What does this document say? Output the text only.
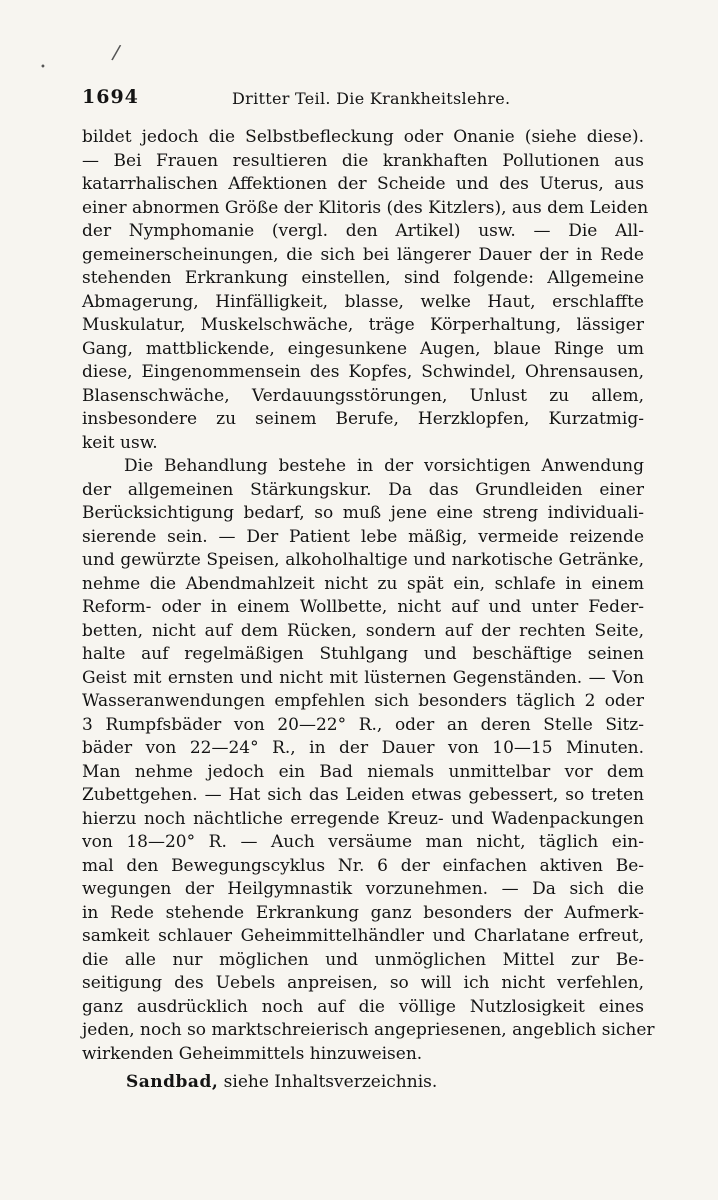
/
•
1694	Dritter Teil. Die Krankheitslehre.
bildet jedoch die Selbstbefleckung oder Onanie (siehe diese).
— Bei Frauen resultieren die krankhaften Pollutionen aus
katarrhalischen Affektionen der Scheide und des Uterus, aus
einer abnormen Größe der Klitoris (des Kitzlers), aus dem Leiden
der Nymphomanie (vergl. den Artikel) usw. — Die All-
gemeinerscheinungen, die sich bei längerer Dauer der in Rede
stehenden Erkrankung einstellen, sind folgende: Allgemeine
Abmagerung, Hinfälligkeit, blasse, welke Haut, erschlaffte
Muskulatur, Muskelschwäche, träge Körperhaltung, lässiger
Gang, mattblickende, eingesunkene Augen, blaue Ringe um
diese, Eingenommensein des Kopfes, Schwindel, Ohrensausen,
Blasenschwäche, Verdauungsstörungen, Unlust zu allem,
insbesondere zu seinem Berufe, Herzklopfen, Kurzatmig-
keit usw.
Die Behandlung bestehe in der vorsichtigen Anwendung
der allgemeinen Stärkungskur. Da das Grundleiden einer
Berücksichtigung bedarf, so muß jene eine streng individuali-
sierende sein. — Der Patient lebe mäßig, vermeide reizende
und gewürzte Speisen, alkoholhaltige und narkotische Getränke,
nehme die Abendmahlzeit nicht zu spät ein, schlafe in einem
Reform- oder in einem Wollbette, nicht auf und unter Feder-
betten, nicht auf dem Rücken, sondern auf der rechten Seite,
halte auf regelmäßigen Stuhlgang und beschäftige seinen
Geist mit ernsten und nicht mit lüsternen Gegenständen. — Von
Wasseranwendungen empfehlen sich besonders täglich 2 oder
3 Rumpfsbäder von 20—22° R., oder an deren Stelle Sitz-
bäder von 22—24° R., in der Dauer von 10—15 Minuten.
Man nehme jedoch ein Bad niemals unmittelbar vor dem
Zubettgehen. — Hat sich das Leiden etwas gebessert, so treten
hierzu noch nächtliche erregende Kreuz- und Wadenpackungen
von 18—20° R. — Auch versäume man nicht, täglich ein-
mal den Bewegungscyklus Nr. 6 der einfachen aktiven Be-
wegungen der Heilgymnastik vorzunehmen. — Da sich die
in Rede stehende Erkrankung ganz besonders der Aufmerk-
samkeit schlauer Geheimmittelhändler und Charlatane erfreut,
die alle nur möglichen und unmöglichen Mittel zur Be-
seitigung des Uebels anpreisen, so will ich nicht verfehlen,
ganz ausdrücklich noch auf die völlige Nutzlosigkeit eines
jeden, noch so marktschreierisch angepriesenen, angeblich sicher
wirkenden Geheimmittels hinzuweisen.
Sandbad, siehe Inhaltsverzeichnis.
